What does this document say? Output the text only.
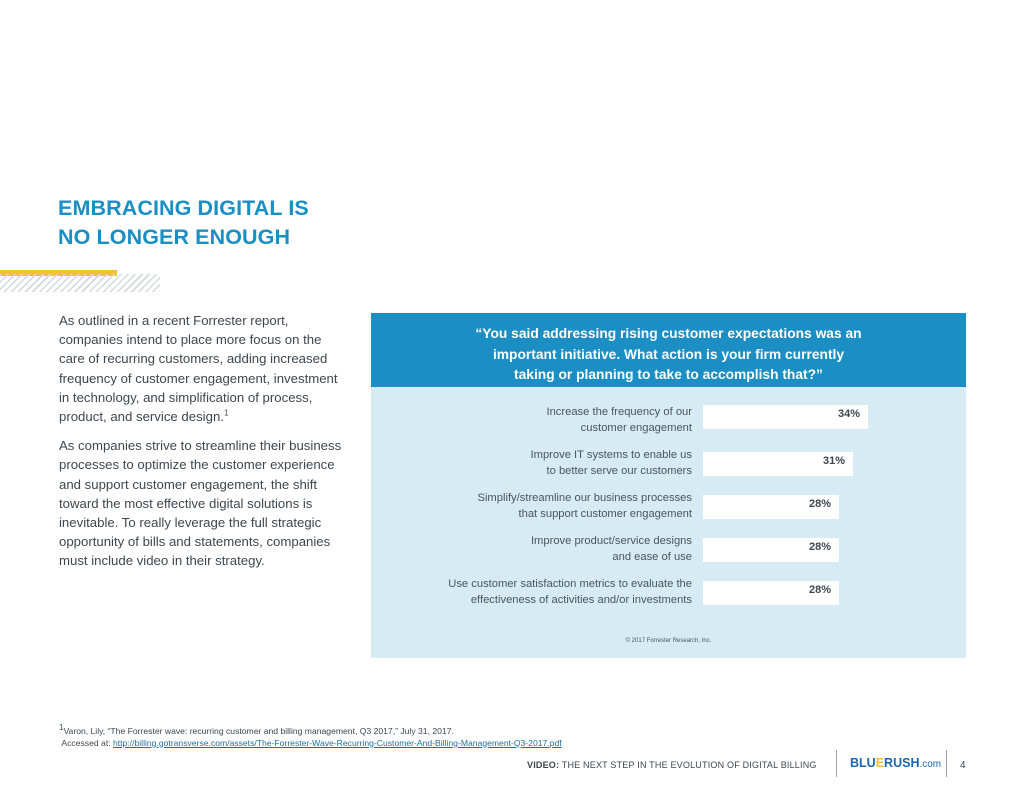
EMBRACING DIGITAL IS
NO LONGER ENOUGH

As outlined in a recent Forrester report, companies intend to place more focus on the care of recurring customers, adding increased frequency of customer engagement, investment in technology, and simplification of process, product, and service design.$^1$

As companies strive to streamline their business processes to optimize the customer experience and support customer engagement, the shift toward the most effective digital solutions is inevitable. To really leverage the full strategic opportunity of bills and statements, companies must include video in their strategy.

“You said addressing rising customer expectations was an
important initiative. What action is your firm currently
taking or planning to take to accomplish that?”
Increase the frequency of our
customer engagement
34%
Improve IT systems to enable us
to better serve our customers
31%
Simplify/streamline our business processes
that support customer engagement
28%
Improve product/service designs
and ease of use
28%
Use customer satisfaction metrics to evaluate the
effectiveness of activities and/or investments
28%
© 2017 Forrester Research, Inc.
$^1$Varon, Lily, “The Forrester wave: recurring customer and billing management, Q3 2017,” July 31, 2017.
Accessed at: http://billing.gotransverse.com/assets/The-Forrester-Wave-Recurring-Customer-And-Billing-Management-Q3-2017.pdf
VIDEO: THE NEXT STEP IN THE EVOLUTION OF DIGITAL BILLING	BLUERUSH.com 4
